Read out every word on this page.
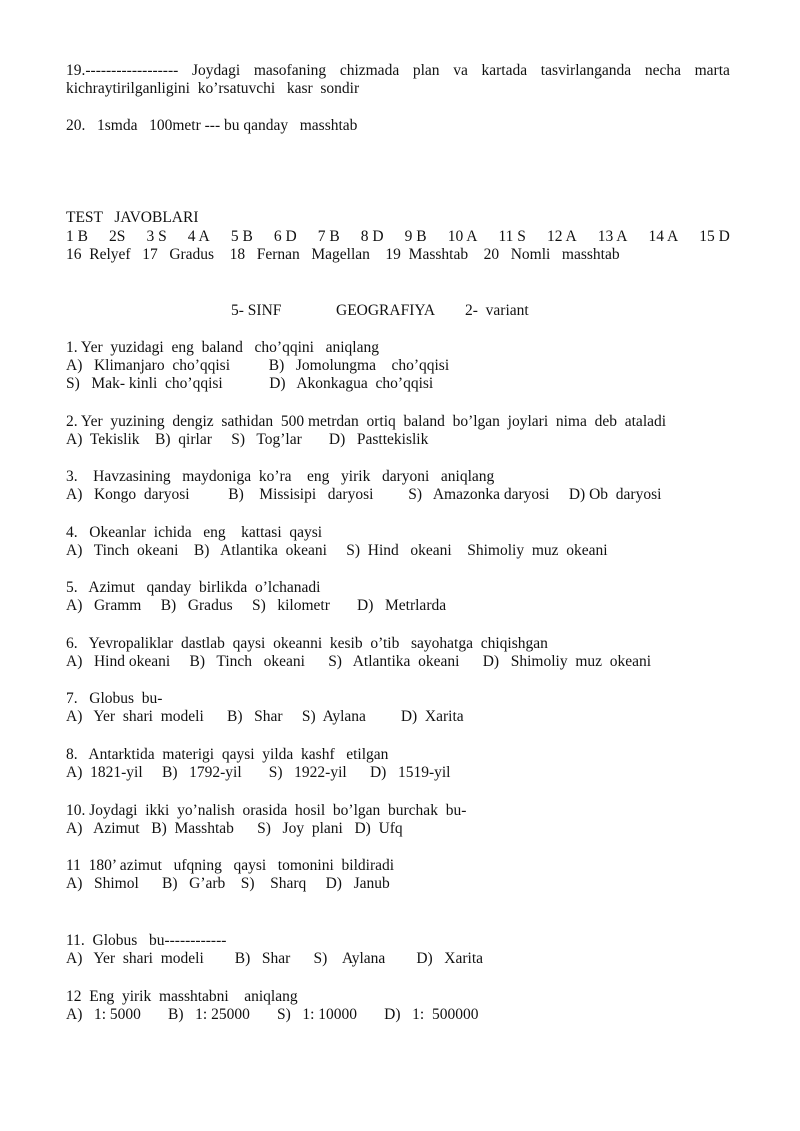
19.------------------ Joydagi masofaning chizmada plan va kartada tasvirlanganda necha marta
kichraytirilganligini  ko’rsatuvchi   kasr  sondir
20.   1smda   100metr --- bu qanday   masshtab
TEST   JAVOBLARI
1 B 2S 3 S 4 A 5 B 6 D 7 B 8 D 9 B 10 A 11 S 12 A 13 A 14 A 15 D
16  Relyef   17   Gradus    18   Fernan   Magellan    19  Masshtab    20   Nomli   masshtab
5- SINF	GEOGRAFIYA 2-  variant
1. Yer  yuzidagi  eng  baland   cho’qqini   aniqlang
A)   Klimanjaro  cho’qqisi          B)   Jomolungma    cho’qqisi
S)   Mak- kinli  cho’qqisi            D)   Akonkagua  cho’qqisi
2. Yer  yuzining  dengiz  sathidan  500 metrdan  ortiq  baland  bo’lgan  joylari  nima  deb  ataladi
A)  Tekislik    B)  qirlar     S)   Tog’lar       D)   Pasttekislik
3.    Havzasining   maydoniga  ko’ra    eng   yirik   daryoni   aniqlang
A)   Kongo  daryosi          B)    Missisipi   daryosi         S)   Amazonka daryosi     D) Ob  daryosi
4.   Okeanlar  ichida   eng    kattasi  qaysi
A)   Tinch  okeani    B)   Atlantika  okeani     S)  Hind   okeani    Shimoliy  muz  okeani
5.   Azimut   qanday  birlikda  o’lchanadi
A)   Gramm     B)   Gradus     S)   kilometr       D)   Metrlarda
6.   Yevropaliklar  dastlab  qaysi  okeanni  kesib  o’tib   sayohatga  chiqishgan
A)   Hind okeani     B)   Tinch   okeani      S)   Atlantika  okeani      D)   Shimoliy  muz  okeani
7.   Globus  bu-
A)   Yer  shari  modeli      B)   Shar     S)  Aylana         D)  Xarita
8.   Antarktida  materigi  qaysi  yilda  kashf   etilgan
A)  1821-yil     B)   1792-yil       S)   1922-yil      D)   1519-yil
10. Joydagi  ikki  yo’nalish  orasida  hosil  bo’lgan  burchak  bu-
A)   Azimut   B)  Masshtab      S)   Joy  plani   D)  Ufq
11  180’ azimut   ufqning   qaysi   tomonini  bildiradi
A)   Shimol      B)   G’arb    S)    Sharq     D)   Janub
11.  Globus   bu------------
A)   Yer  shari  modeli        B)   Shar      S)    Aylana        D)   Xarita
12  Eng  yirik  masshtabni    aniqlang
A)   1: 5000       B)   1: 25000       S)   1: 10000       D)   1:  500000
